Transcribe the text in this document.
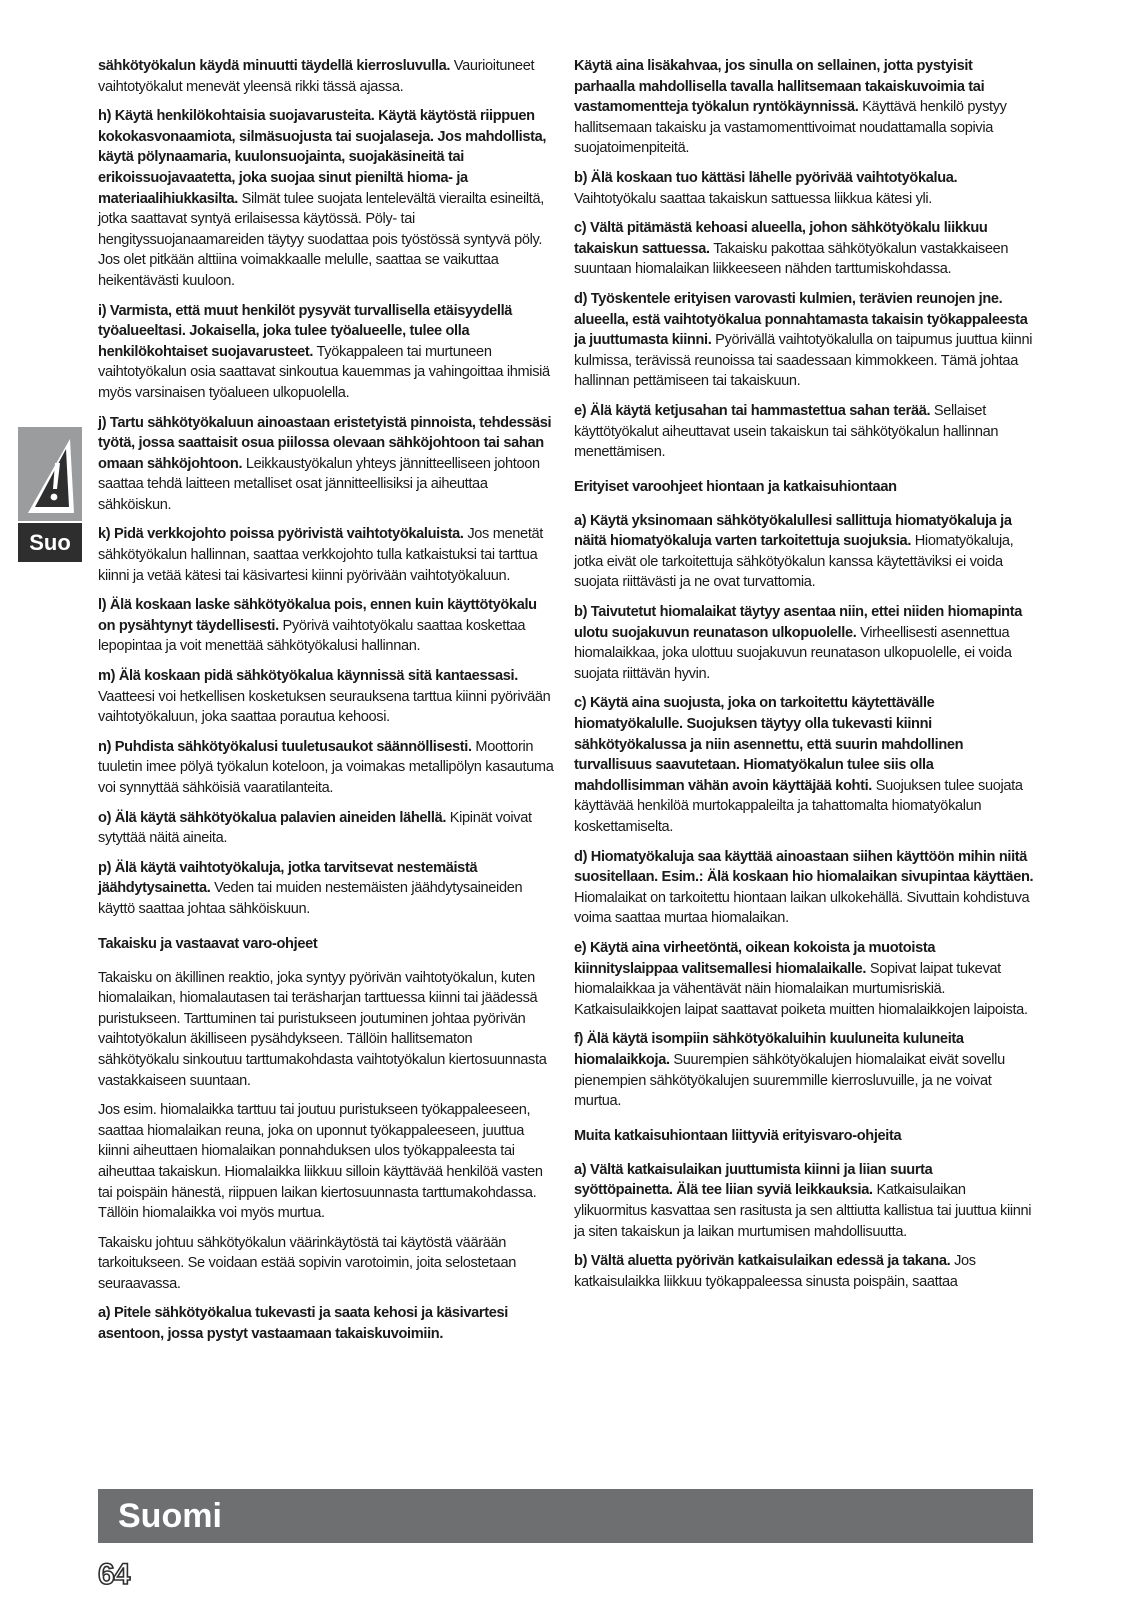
sähkötyökalun käydä minuutti täydellä kierrosluvulla. Vaurioituneet vaihtotyökalut menevät yleensä rikki tässä ajassa.

h) Käytä henkilökohtaisia suojavarusteita. Käytä käytöstä riippuen kokokasvonaamiota, silmäsuojusta tai suojalaseja. Jos mahdollista, käytä pölynaamaria, kuulonsuojainta, suojakäsineitä tai erikoissuojavaatetta, joka suojaa sinut pieniltä hioma- ja materiaalihiukkasilta. Silmät tulee suojata lentelevältä vierailta esineiltä, jotka saattavat syntyä erilaisessa käytössä. Pöly- tai hengityssuojanaamareiden täytyy suodattaa pois työstössä syntyvä pöly. Jos olet pitkään alttiina voimakkaalle melulle, saattaa se vaikuttaa heikentävästi kuuloon.

i) Varmista, että muut henkilöt pysyvät turvallisella etäisyydellä työalueeltasi. Jokaisella, joka tulee työalueelle, tulee olla henkilökohtaiset suojavarusteet. Työkappaleen tai murtuneen vaihtotyökalun osia saattavat sinkoutua kauemmas ja vahingoittaa ihmisiä myös varsinaisen työalueen ulkopuolella.

j) Tartu sähkötyökaluun ainoastaan eristetyistä pinnoista, tehdessäsi työtä, jossa saattaisit osua piilossa olevaan sähköjohtoon tai sahan omaan sähköjohtoon. Leikkaustyökalun yhteys jännitteelliseen johtoon saattaa tehdä laitteen metalliset osat jännitteellisiksi ja aiheuttaa sähköiskun.

k) Pidä verkkojohto poissa pyörivistä vaihtotyökaluista. Jos menetät sähkötyökalun hallinnan, saattaa verkkojohto tulla katkaistuksi tai tarttua kiinni ja vetää kätesi tai käsivartesi kiinni pyörivään vaihtotyökaluun.

l) Älä koskaan laske sähkötyökalua pois, ennen kuin käyttötyökalu on pysähtynyt täydellisesti. Pyörivä vaihtotyökalu saattaa koskettaa lepopintaa ja voit menettää sähkötyökalusi hallinnan.

m) Älä koskaan pidä sähkötyökalua käynnissä sitä kantaessasi. Vaatteesi voi hetkellisen kosketuksen seurauksena tarttua kiinni pyörivään vaihtotyökaluun, joka saattaa porautua kehoosi.

n) Puhdista sähkötyökalusi tuuletusaukot säännöllisesti. Moottorin tuuletin imee pölyä työkalun koteloon, ja voimakas metallipölyn kasautuma voi synnyttää sähköisiä vaaratilanteita.

o) Älä käytä sähkötyökalua palavien aineiden lähellä. Kipinät voivat sytyttää näitä aineita.

p) Älä käytä vaihtotyökaluja, jotka tarvitsevat nestemäistä jäähdytysainetta. Veden tai muiden nestemäisten jäähdytysaineiden käyttö saattaa johtaa sähköiskuun.

Takaisku ja vastaavat varo-ohjeet

Takaisku on äkillinen reaktio, joka syntyy pyörivän vaihtotyökalun, kuten hiomalaikan, hiomalautasen tai teräsharjan tarttuessa kiinni tai jäädessä puristukseen. Tarttuminen tai puristukseen joutuminen johtaa pyörivän vaihtotyökalun äkilliseen pysähdykseen. Tällöin hallitsematon sähkötyökalu sinkoutuu tarttumakohdasta vaihtotyökalun kiertosuunnasta vastakkaiseen suuntaan.

Jos esim. hiomalaikka tarttuu tai joutuu puristukseen työkappaleeseen, saattaa hiomalaikan reuna, joka on uponnut työkappaleeseen, juuttua kiinni aiheuttaen hiomalaikan ponnahduksen ulos työkappaleesta tai aiheuttaa takaiskun. Hiomalaikka liikkuu silloin käyttävää henkilöä vasten tai poispäin hänestä, riippuen laikan kiertosuunnasta tarttumakohdassa. Tällöin hiomalaikka voi myös murtua.

Takaisku johtuu sähkötyökalun väärinkäytöstä tai käytöstä väärään tarkoitukseen. Se voidaan estää sopivin varotoimin, joita selostetaan seuraavassa.

a) Pitele sähkötyökalua tukevasti ja saata kehosi ja käsivartesi asentoon, jossa pystyt vastaamaan takaiskuvoimiin.

Käytä aina lisäkahvaa, jos sinulla on sellainen, jotta pystyisit parhaalla mahdollisella tavalla hallitsemaan takaiskuvoimia tai vastamomentteja työkalun ryntökäynnissä. Käyttävä henkilö pystyy hallitsemaan takaisku ja vastamomenttivoimat noudattamalla sopivia suojatoimenpiteitä.

b) Älä koskaan tuo kättäsi lähelle pyörivää vaihtotyökalua. Vaihtotyökalu saattaa takaiskun sattuessa liikkua kätesi yli.

c) Vältä pitämästä kehoasi alueella, johon sähkötyökalu liikkuu takaiskun sattuessa. Takaisku pakottaa sähkötyökalun vastakkaiseen suuntaan hiomalaikan liikkeeseen nähden tarttumiskohdassa.

d) Työskentele erityisen varovasti kulmien, terävien reunojen jne. alueella, estä vaihtotyökalua ponnahtamasta takaisin työkappaleesta ja juuttumasta kiinni. Pyörivällä vaihtotyökalulla on taipumus juuttua kiinni kulmissa, terävissä reunoissa tai saadessaan kimmokkeen. Tämä johtaa hallinnan pettämiseen tai takaiskuun.

e) Älä käytä ketjusahan tai hammastettua sahan terää. Sellaiset käyttötyökalut aiheuttavat usein takaiskun tai sähkötyökalun hallinnan menettämisen.

Erityiset varoohjeet hiontaan ja katkaisuhiontaan

a) Käytä yksinomaan sähkötyökalullesi sallittuja hiomatyökaluja ja näitä hiomatyökaluja varten tarkoitettuja suojuksia. Hiomatyökaluja, jotka eivät ole tarkoitettuja sähkötyökalun kanssa käytettäviksi ei voida suojata riittävästi ja ne ovat turvattomia.

b) Taivutetut hiomalaikat täytyy asentaa niin, ettei niiden hiomapinta ulotu suojakuvun reunatason ulkopuolelle. Virheellisesti asennettua hiomalaikkaa, joka ulottuu suojakuvun reunatason ulkopuolelle, ei voida suojata riittävän hyvin.

c) Käytä aina suojusta, joka on tarkoitettu käytettävälle hiomatyökalulle. Suojuksen täytyy olla tukevasti kiinni sähkötyökalussa ja niin asennettu, että suurin mahdollinen turvallisuus saavutetaan. Hiomatyökalun tulee siis olla mahdollisimman vähän avoin käyttäjää kohti. Suojuksen tulee suojata käyttävää henkilöä murtokappaleilta ja tahattomalta hiomatyökalun koskettamiselta.

d) Hiomatyökaluja saa käyttää ainoastaan siihen käyttöön mihin niitä suositellaan. Esim.: Älä koskaan hio hiomalaikan sivupintaa käyttäen. Hiomalaikat on tarkoitettu hiontaan laikan ulkokehällä. Sivuttain kohdistuva voima saattaa murtaa hiomalaikan.

e) Käytä aina virheetöntä, oikean kokoista ja muotoista kiinnityslaippaa valitsemallesi hiomalaikalle. Sopivat laipat tukevat hiomalaikkaa ja vähentävät näin hiomalaikan murtumisriskiä. Katkaisulaikkojen laipat saattavat poiketa muitten hiomalaikkojen laipoista.

f) Älä käytä isompiin sähkötyökaluihin kuuluneita kuluneita hiomalaikkoja. Suurempien sähkötyökalujen hiomalaikat eivät sovellu pienempien sähkötyökalujen suuremmille kierrosluvuille, ja ne voivat murtua.

Muita katkaisuhiontaan liittyviä erityisvaro-ohjeita

a) Vältä katkaisulaikan juuttumista kiinni ja liian suurta syöttöpainetta. Älä tee liian syviä leikkauksia. Katkaisulaikan ylikuormitus kasvattaa sen rasitusta ja sen alttiutta kallistua tai juuttua kiinni ja siten takaiskun ja laikan murtumisen mahdollisuutta.

b) Vältä aluetta pyörivän katkaisulaikan edessä ja takana. Jos katkaisulaikka liikkuu työkappaleessa sinusta poispäin, saattaa

Suo
Suomi
64
